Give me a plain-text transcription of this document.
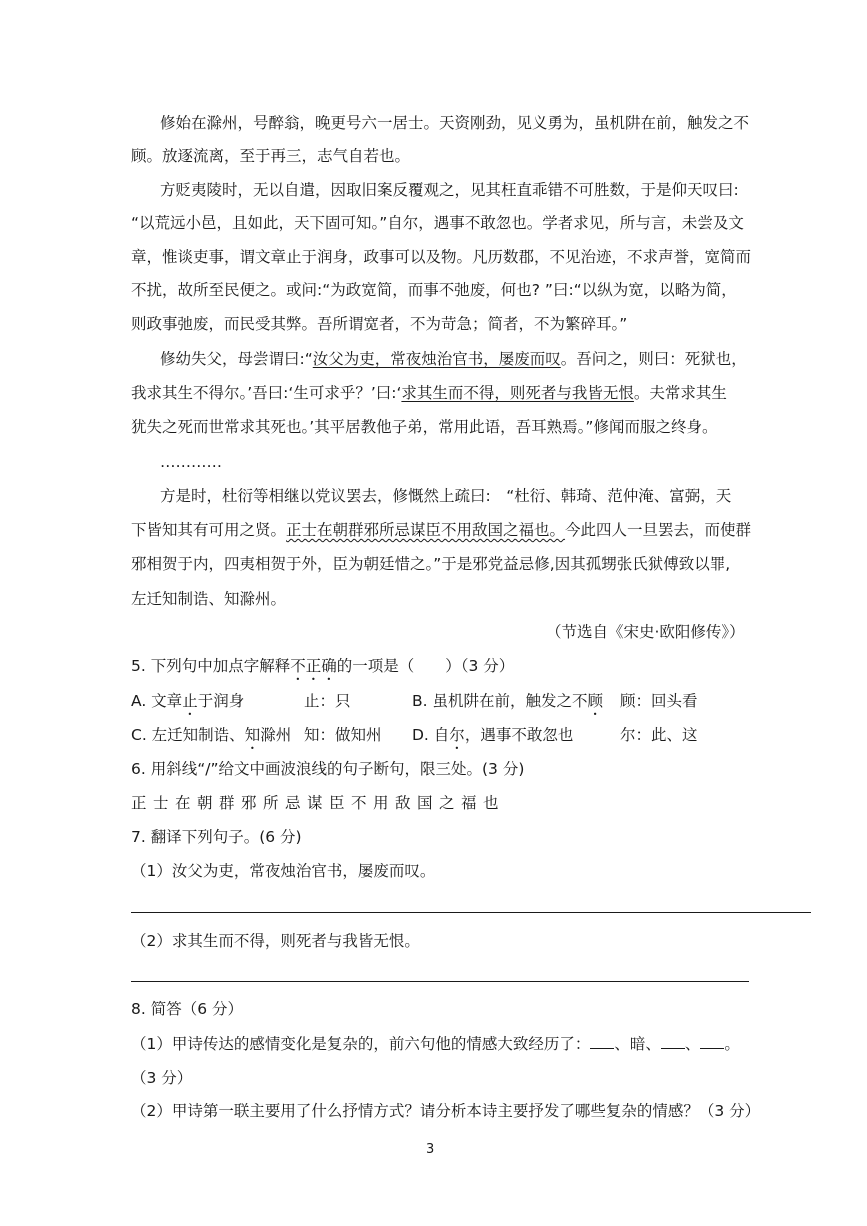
修始在滁州，号醉翁，晚更号六一居士。天资刚劲，见义勇为，虽机阱在前，触发之不
顾。放逐流离，至于再三，志气自若也。
方贬夷陵时，无以自遣，因取旧案反覆观之，见其枉直乖错不可胜数，于是仰天叹曰:
“以荒远小邑，且如此，天下固可知。”自尔，遇事不敢忽也。学者求见，所与言，未尝及文
章，惟谈吏事，谓文章止于润身，政事可以及物。凡历数郡，不见治迹，不求声誉，宽简而
不扰，故所至民便之。或问:“为政宽简，而事不弛废，何也? ”曰:“以纵为宽，以略为简，
则政事弛废，而民受其弊。吾所谓宽者，不为苛急；简者，不为繁碎耳。”
修幼失父，母尝谓曰:“汝父为吏，常夜烛治官书，屡废而叹。吾问之，则曰：死狱也，
我求其生不得尔。’吾曰:‘生可求乎？’曰:‘求其生而不得，则死者与我皆无恨。夫常求其生
犹失之死而世常求其死也。’其平居教他子弟，常用此语，吾耳熟焉。”修闻而服之终身。
…………
方是时，杜衍等相继以党议罢去，修慨然上疏曰:　“杜衍、韩琦、范仲淹、富弼，天
下皆知其有可用之贤。正士在朝群邪所忌谋臣不用敌国之福也。今此四人一旦罢去，而使群
邪相贺于内，四夷相贺于外，臣为朝廷惜之。”于是邪党益忌修,因其孤甥张氏狱傅致以罪,
左迁知制诰、知滁州。
（节选自《宋史·欧阳修传》）
5. 下列句中加点字解释不正确的一项是（　　）（3 分）
A. 文章止于润身	止：只	B. 虽机阱在前，触发之不顾 顾：回头看
C. 左迁知制诰、知滁州 知：做知州 D. 自尔，遇事不敢忽也	尔：此、这
6. 用斜线“/”给文中画波浪线的句子断句，限三处。(3 分)
正 士 在 朝 群 邪 所 忌 谋 臣 不 用 敌 国 之 福 也
7. 翻译下列句子。(6 分)
（1）汝父为吏，常夜烛治官书，屡废而叹。
（2）求其生而不得，则死者与我皆无恨。
8. 简答（6 分）
（1）甲诗传达的感情变化是复杂的，前六句他的情感大致经历了： 、暗、 、 。
（3 分）
（2）甲诗第一联主要用了什么抒情方式？请分析本诗主要抒发了哪些复杂的情感？（3 分）
3
